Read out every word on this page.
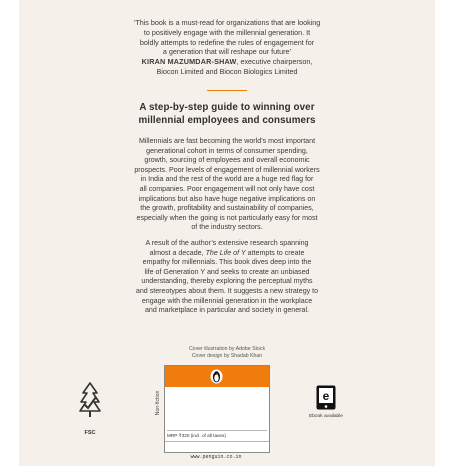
‘This book is a must-read for organizations that are looking

to positively engage with the millennial generation. It

boldly attempts to redefine the rules of engagement for

a generation that will reshape our future’

KIRAN MAZUMDAR-SHAW, executive chairperson,
Biocon Limited and Biocon Biologics Limited
A step-by-step guide to winning over
millennial employees and consumers
Millennials are fast becoming the world’s most important
generational cohort in terms of consumer spending,
growth, sourcing of employees and overall economic
prospects. Poor levels of engagement of millennial workers
in India and the rest of the world are a huge red flag for
all companies. Poor engagement will not only have cost
implications but also have huge negative implications on
the growth, profitability and sustainability of companies,
especially when the going is not particularly easy for most
of the industry sectors.
A result of the author’s extensive research spanning
almost a decade, The Life of Y attempts to create
empathy for millennials. This book dives deep into the
life of Generation Y and seeks to create an unbiased
understanding, thereby exploring the perceptual myths
and stereotypes about them. It suggests a new strategy to
engage with the millennial generation in the workplace
and marketplace in particular and society in general.
Cover illustration by Adobe Stock
Cover design by Shadab Khan
FSC
Non-fiction
MRP ₹320 (incl. of all taxes)
www.penguin.co.in
e
Ebook available
